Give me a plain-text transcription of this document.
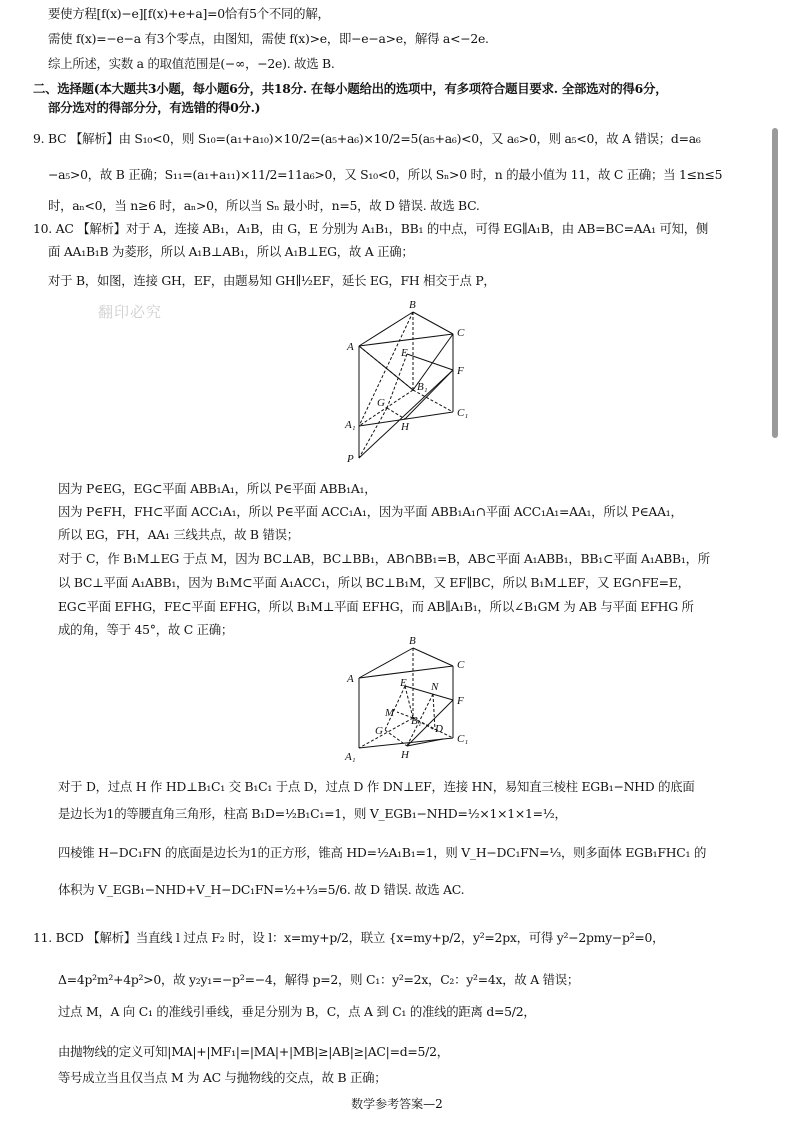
要使方程[f(x)−e][f(x)+e+a]=0恰有5个不同的解，
需使 f(x)=−e−a 有3个零点，由图知，需使 f(x)>e，即−e−a>e，解得 a<−2e.
综上所述，实数 a 的取值范围是(−∞，−2e). 故选 B.
二、选择题(本大题共3小题，每小题6分，共18分. 在每小题给出的选项中，有多项符合题目要求. 全部选对的得6分，
部分选对的得部分分，有选错的得0分.)
9. BC 【解析】由 S₁₀<0，则 S₁₀=(a₁+a₁₀)×10/2=(a₅+a₆)×10/2=5(a₅+a₆)<0，又 a₆>0，则 a₅<0，故 A 错误；d=a₆
−a₅>0，故 B 正确；S₁₁=(a₁+a₁₁)×11/2=11a₆>0，又 S₁₀<0，所以 Sₙ>0 时，n 的最小值为 11，故 C 正确；当 1≤n≤5
时，aₙ<0，当 n≥6 时，aₙ>0，所以当 Sₙ 最小时，n=5，故 D 错误. 故选 BC.
10. AC 【解析】对于 A，连接 AB₁，A₁B，由 G，E 分别为 A₁B₁，BB₁ 的中点，可得 EG∥A₁B，由 AB=BC=AA₁ 可知，侧
面 AA₁B₁B 为菱形，所以 A₁B⊥AB₁，所以 A₁B⊥EG，故 A 正确；
对于 B，如图，连接 GH，EF，由题易知 GH∥½EF，延长 EG，FH 相交于点 P，
翻印必究
A
B
C
E
F
B₁
G
A₁	H
C₁
P
因为 P∈EG，EG⊂平面 ABB₁A₁，所以 P∈平面 ABB₁A₁，
因为 P∈FH，FH⊂平面 ACC₁A₁，所以 P∈平面 ACC₁A₁，因为平面 ABB₁A₁∩平面 ACC₁A₁=AA₁，所以 P∈AA₁，
所以 EG，FH，AA₁ 三线共点，故 B 错误；
对于 C，作 B₁M⊥EG 于点 M，因为 BC⊥AB，BC⊥BB₁，AB∩BB₁=B，AB⊂平面 A₁ABB₁，BB₁⊂平面 A₁ABB₁，所
以 BC⊥平面 A₁ABB₁，因为 B₁M⊂平面 A₁ACC₁，所以 BC⊥B₁M，又 EF∥BC，所以 B₁M⊥EF，又 EG∩FE=E，
EG⊂平面 EFHG，FE⊂平面 EFHG，所以 B₁M⊥平面 EFHG，而 AB∥A₁B₁，所以∠B₁GM 为 AB 与平面 EFHG 所
成的角，等于 45°，故 C 正确；
A
B
C
E N
F
M
B₁
G	D
A₁	H
C₁
对于 D，过点 H 作 HD⊥B₁C₁ 交 B₁C₁ 于点 D，过点 D 作 DN⊥EF，连接 HN，易知直三棱柱 EGB₁−NHD 的底面
是边长为1的等腰直角三角形，柱高 B₁D=½B₁C₁=1，则 V_EGB₁−NHD=½×1×1×1=½，
四棱锥 H−DC₁FN 的底面是边长为1的正方形，锥高 HD=½A₁B₁=1，则 V_H−DC₁FN=⅓，则多面体 EGB₁FHC₁ 的
体积为 V_EGB₁−NHD+V_H−DC₁FN=½+⅓=5/6. 故 D 错误. 故选 AC.
11. BCD 【解析】当直线 l 过点 F₂ 时，设 l：x=my+p/2，联立 {x=my+p/2，y²=2px，可得 y²−2pmy−p²=0，
Δ=4p²m²+4p²>0，故 y₂y₁=−p²=−4，解得 p=2，则 C₁：y²=2x，C₂：y²=4x，故 A 错误；
过点 M，A 向 C₁ 的准线引垂线，垂足分别为 B，C，点 A 到 C₁ 的准线的距离 d=5/2，
由抛物线的定义可知|MA|+|MF₁|=|MA|+|MB|≥|AB|≥|AC|=d=5/2，
等号成立当且仅当点 M 为 AC 与抛物线的交点，故 B 正确；
数学参考答案—2
